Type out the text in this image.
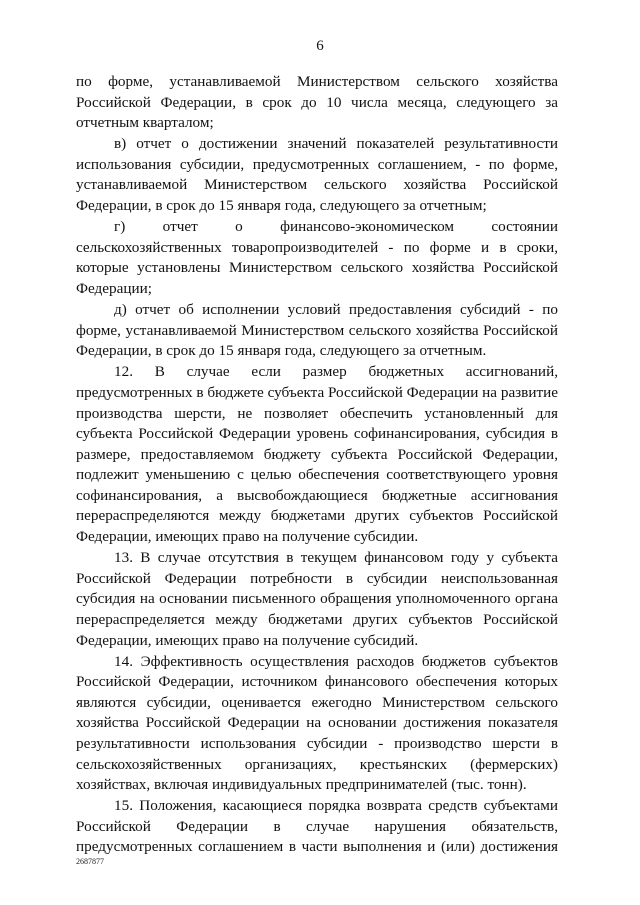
6

по форме, устанавливаемой Министерством сельского хозяйства Российской Федерации, в срок до 10 числа месяца, следующего за отчетным кварталом;

в) отчет о достижении значений показателей результативности использования субсидии, предусмотренных соглашением, - по форме, устанавливаемой Министерством сельского хозяйства Российской Федерации, в срок до 15 января года, следующего за отчетным;

г) отчет о финансово-экономическом состоянии сельскохозяйственных товаропроизводителей - по форме и в сроки, которые установлены Министерством сельского хозяйства Российской Федерации;

д) отчет об исполнении условий предоставления субсидий - по форме, устанавливаемой Министерством сельского хозяйства Российской Федерации, в срок до 15 января года, следующего за отчетным.

12. В случае если размер бюджетных ассигнований, предусмотренных в бюджете субъекта Российской Федерации на развитие производства шерсти, не позволяет обеспечить установленный для субъекта Российской Федерации уровень софинансирования, субсидия в размере, предоставляемом бюджету субъекта Российской Федерации, подлежит уменьшению с целью обеспечения соответствующего уровня софинансирования, а высвобождающиеся бюджетные ассигнования перераспределяются между бюджетами других субъектов Российской Федерации, имеющих право на получение субсидии.

13. В случае отсутствия в текущем финансовом году у субъекта Российской Федерации потребности в субсидии неиспользованная субсидия на основании письменного обращения уполномоченного органа перераспределяется между бюджетами других субъектов Российской Федерации, имеющих право на получение субсидий.

14. Эффективность осуществления расходов бюджетов субъектов Российской Федерации, источником финансового обеспечения которых являются субсидии, оценивается ежегодно Министерством сельского хозяйства Российской Федерации на основании достижения показателя результативности использования субсидии - производство шерсти в сельскохозяйственных организациях, крестьянских (фермерских) хозяйствах, включая индивидуальных предпринимателей (тыс. тонн).

15. Положения, касающиеся порядка возврата средств субъектами Российской Федерации в случае нарушения обязательств, предусмотренных соглашением в части выполнения и (или) достижения

2687877
